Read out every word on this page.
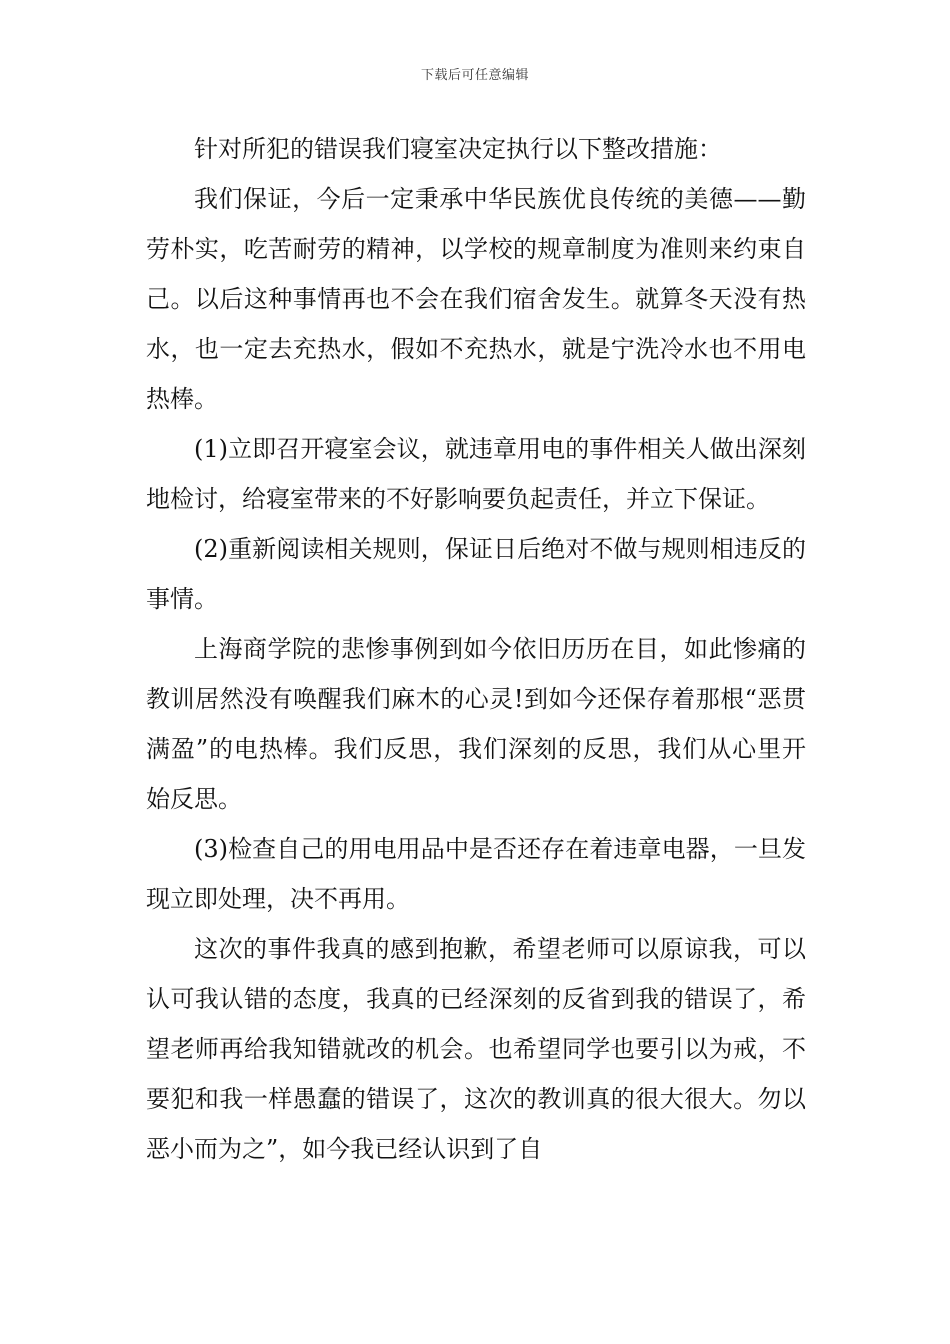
下载后可任意编辑

针对所犯的错误我们寝室决定执行以下整改措施：

我们保证，今后一定秉承中华民族优良传统的美德——勤劳朴实，吃苦耐劳的精神，以学校的规章制度为准则来约束自己。以后这种事情再也不会在我们宿舍发生。就算冬天没有热水，也一定去充热水，假如不充热水，就是宁洗冷水也不用电热棒。

(1)立即召开寝室会议，就违章用电的事件相关人做出深刻地检讨，给寝室带来的不好影响要负起责任，并立下保证。

(2)重新阅读相关规则，保证日后绝对不做与规则相违反的事情。

上海商学院的悲惨事例到如今依旧历历在目，如此惨痛的教训居然没有唤醒我们麻木的心灵!到如今还保存着那根“恶贯满盈”的电热棒。我们反思，我们深刻的反思，我们从心里开始反思。

(3)检查自己的用电用品中是否还存在着违章电器，一旦发现立即处理，决不再用。

这次的事件我真的感到抱歉，希望老师可以原谅我，可以认可我认错的态度，我真的已经深刻的反省到我的错误了，希望老师再给我知错就改的机会。也希望同学也要引以为戒，不要犯和我一样愚蠢的错误了，这次的教训真的很大很大。勿以恶小而为之”，如今我已经认识到了自
